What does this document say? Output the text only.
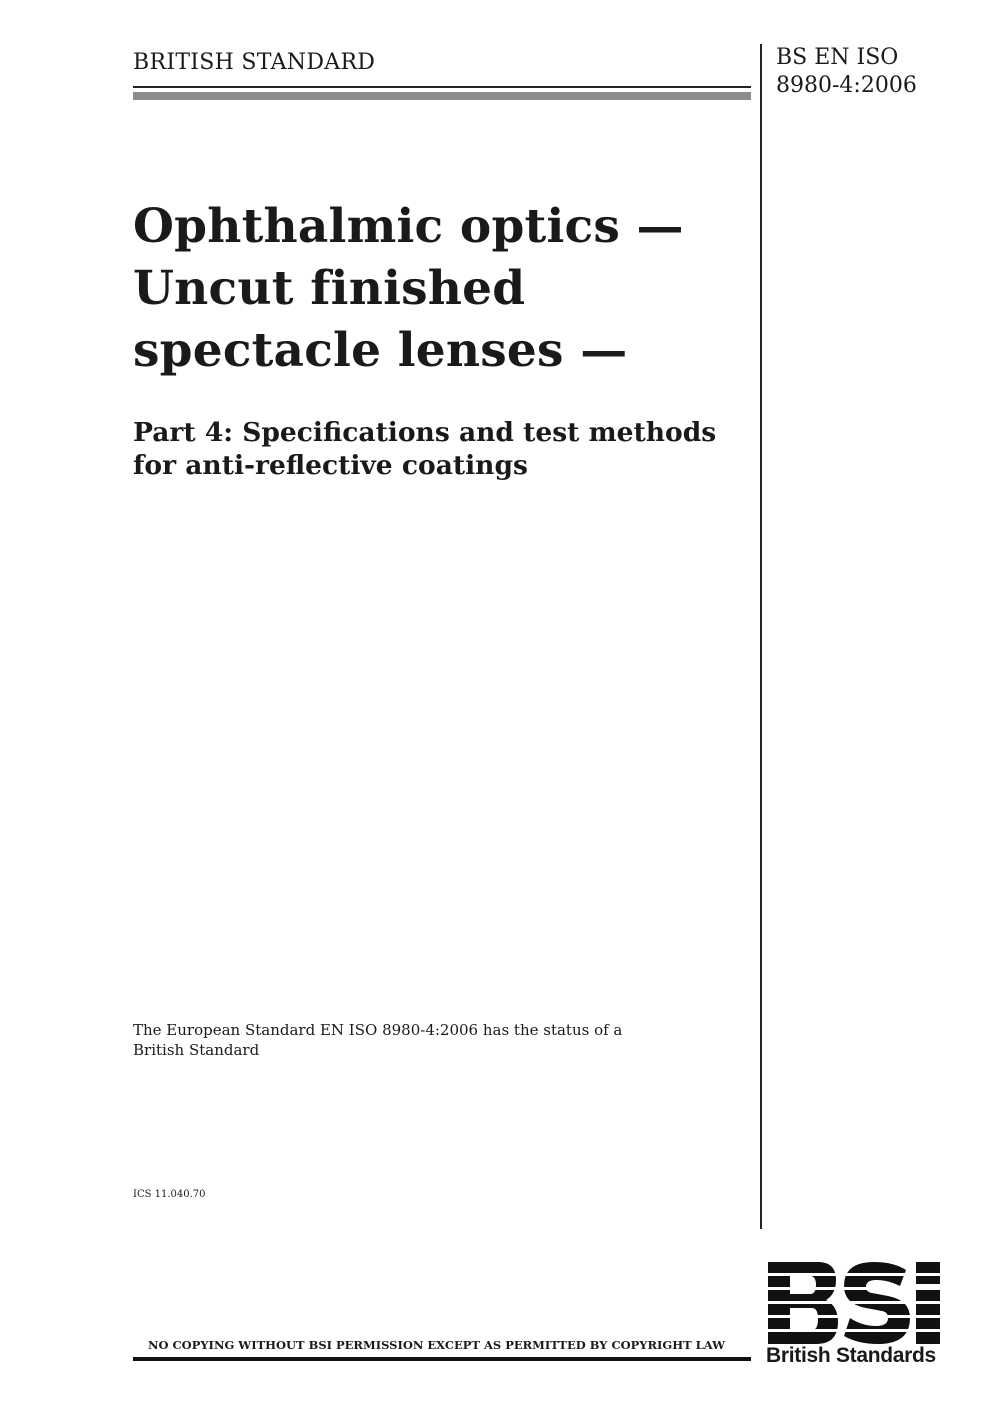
BRITISH STANDARD	BS EN ISO
8980-4:2006
Ophthalmic optics —
Uncut finished
spectacle lenses —
Part 4: Specifications and test methods
for anti-reflective coatings
The European Standard EN ISO 8980-4:2006 has the status of a
British Standard
ICS 11.040.70
NO COPYING WITHOUT BSI PERMISSION EXCEPT AS PERMITTED BY COPYRIGHT LAW British Standards
